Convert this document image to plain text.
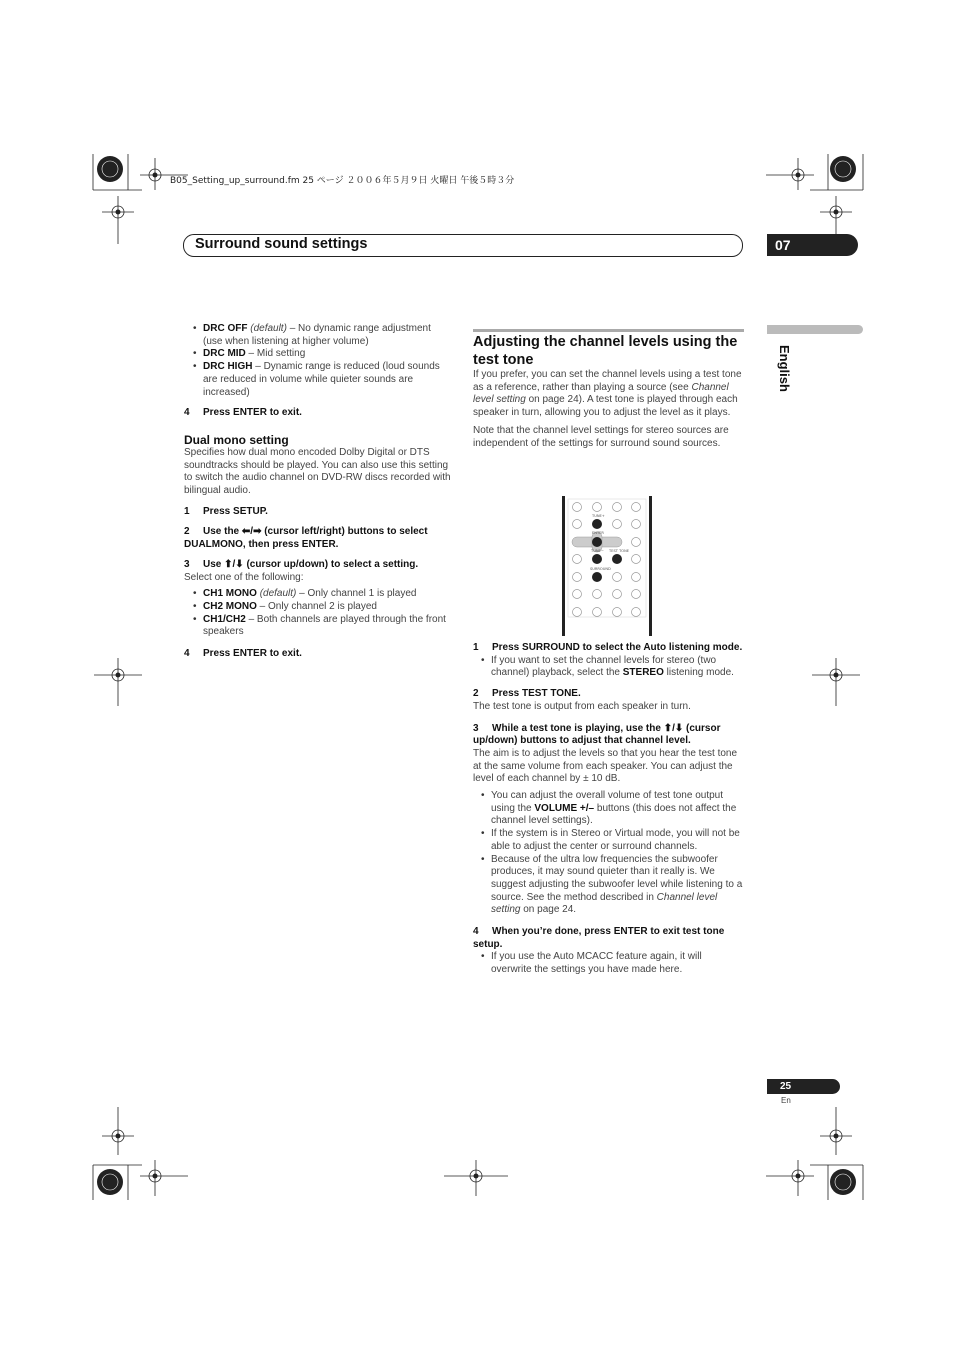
B05_Setting_up_surround.fm 25 ページ ２００６年５月９日 火曜日 午後５時３分
Surround sound settings	07
English

• DRC OFF (default) – No dynamic range adjustment (use when listening at higher volume)

• DRC MID – Mid setting

• DRC HIGH – Dynamic range is reduced (loud sounds are reduced in volume while quieter sounds are increased)

4 Press ENTER to exit.

Dual mono setting

Specifies how dual mono encoded Dolby Digital or DTS soundtracks should be played. You can also use this setting to switch the audio channel on DVD-RW discs recorded with bilingual audio.

1 Press SETUP.

2 Use the ⬅/➡ (cursor left/right) buttons to select DUALMONO, then press ENTER.

3 Use ⬆/⬇ (cursor up/down) to select a setting.

Select one of the following:

• CH1 MONO (default) – Only channel 1 is played

• CH2 MONO – Only channel 2 is played

• CH1/CH2 – Both channels are played through the front speakers

4 Press ENTER to exit.

Adjusting the channel levels using the test tone

If you prefer, you can set the channel levels using a test tone as a reference, rather than playing a source (see Channel level setting on page 24). A test tone is played through each speaker in turn, allowing you to adjust the level as it plays.

Note that the channel level settings for stereo sources are independent of the settings for surround sound sources.

TUNE+
ENTER
TUNE− TEST TONE
SURROUND

1 Press SURROUND to select the Auto listening mode.

• If you want to set the channel levels for stereo (two channel) playback, select the STEREO listening mode.

2 Press TEST TONE.

The test tone is output from each speaker in turn.

3 While a test tone is playing, use the ⬆/⬇ (cursor up/down) buttons to adjust that channel level.

The aim is to adjust the levels so that you hear the test tone at the same volume from each speaker. You can adjust the level of each channel by ± 10 dB.

• You can adjust the overall volume of test tone output using the VOLUME +/– buttons (this does not affect the channel level settings).

• If the system is in Stereo or Virtual mode, you will not be able to adjust the center or surround channels.

• Because of the ultra low frequencies the subwoofer produces, it may sound quieter than it really is. We suggest adjusting the subwoofer level while listening to a source. See the method described in Channel level setting on page 24.

4 When you’re done, press ENTER to exit test tone setup.

• If you use the Auto MCACC feature again, it will overwrite the settings you have made here.

25
En
